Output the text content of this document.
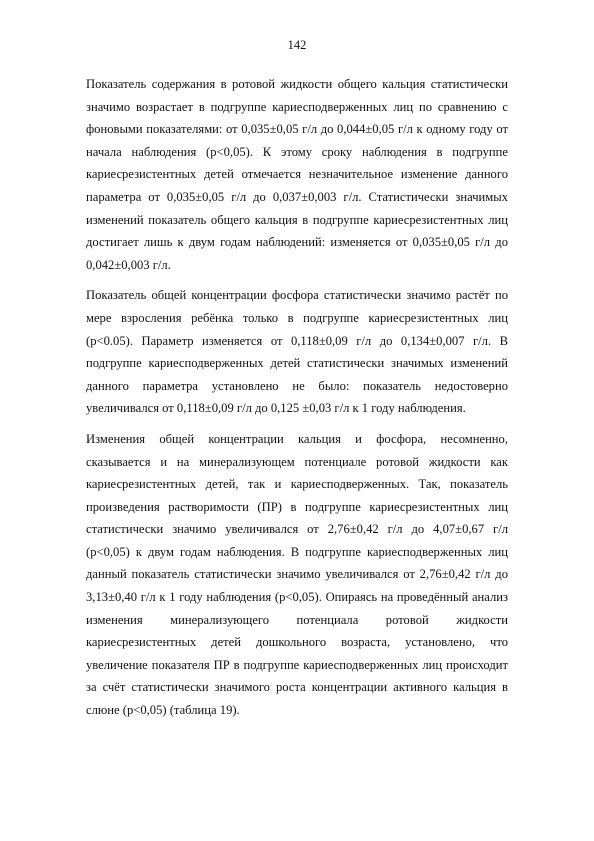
142

Показатель содержания в ротовой жидкости общего кальция статистически значимо возрастает в подгруппе кариесподверженных лиц по сравнению с фоновыми показателями: от 0,035±0,05 г/л до 0,044±0,05 г/л к одному году от начала наблюдения (р<0,05). К этому сроку наблюдения в подгруппе кариесрезистентных детей отмечается незначительное изменение данного параметра от 0,035±0,05 г/л до 0,037±0,003 г/л. Статистически значимых изменений показатель общего кальция в подгруппе кариесрезистентных лиц достигает лишь к двум годам наблюдений: изменяется от 0,035±0,05 г/л до 0,042±0,003 г/л.

Показатель общей концентрации фосфора статистически значимо растёт по мере взросления ребёнка только в подгруппе кариесрезистентных лиц (р<0.05). Параметр изменяется от 0,118±0,09 г/л до 0,134±0,007 г/л. В подгруппе кариесподверженных детей статистически значимых изменений данного параметра установлено не было: показатель недостоверно увеличивался от 0,118±0,09 г/л до 0,125 ±0,03 г/л к 1 году наблюдения.

Изменения общей концентрации кальция и фосфора, несомненно, сказывается и на минерализующем потенциале ротовой жидкости как кариесрезистентных детей, так и кариесподверженных. Так, показатель произведения растворимости (ПР) в подгруппе кариесрезистентных лиц статистически значимо увеличивался от 2,76±0,42 г/л до 4,07±0,67 г/л (р<0,05) к двум годам наблюдения. В подгруппе кариесподверженных лиц данный показатель статистически значимо увеличивался от 2,76±0,42 г/л до 3,13±0,40 г/л к 1 году наблюдения (р<0,05). Опираясь на проведённый анализ изменения минерализующего потенциала ротовой жидкости кариесрезистентных детей дошкольного возраста, установлено, что увеличение показателя ПР в подгруппе кариесподверженных лиц происходит за счёт статистически значимого роста концентрации активного кальция в слюне (р<0,05) (таблица 19).
